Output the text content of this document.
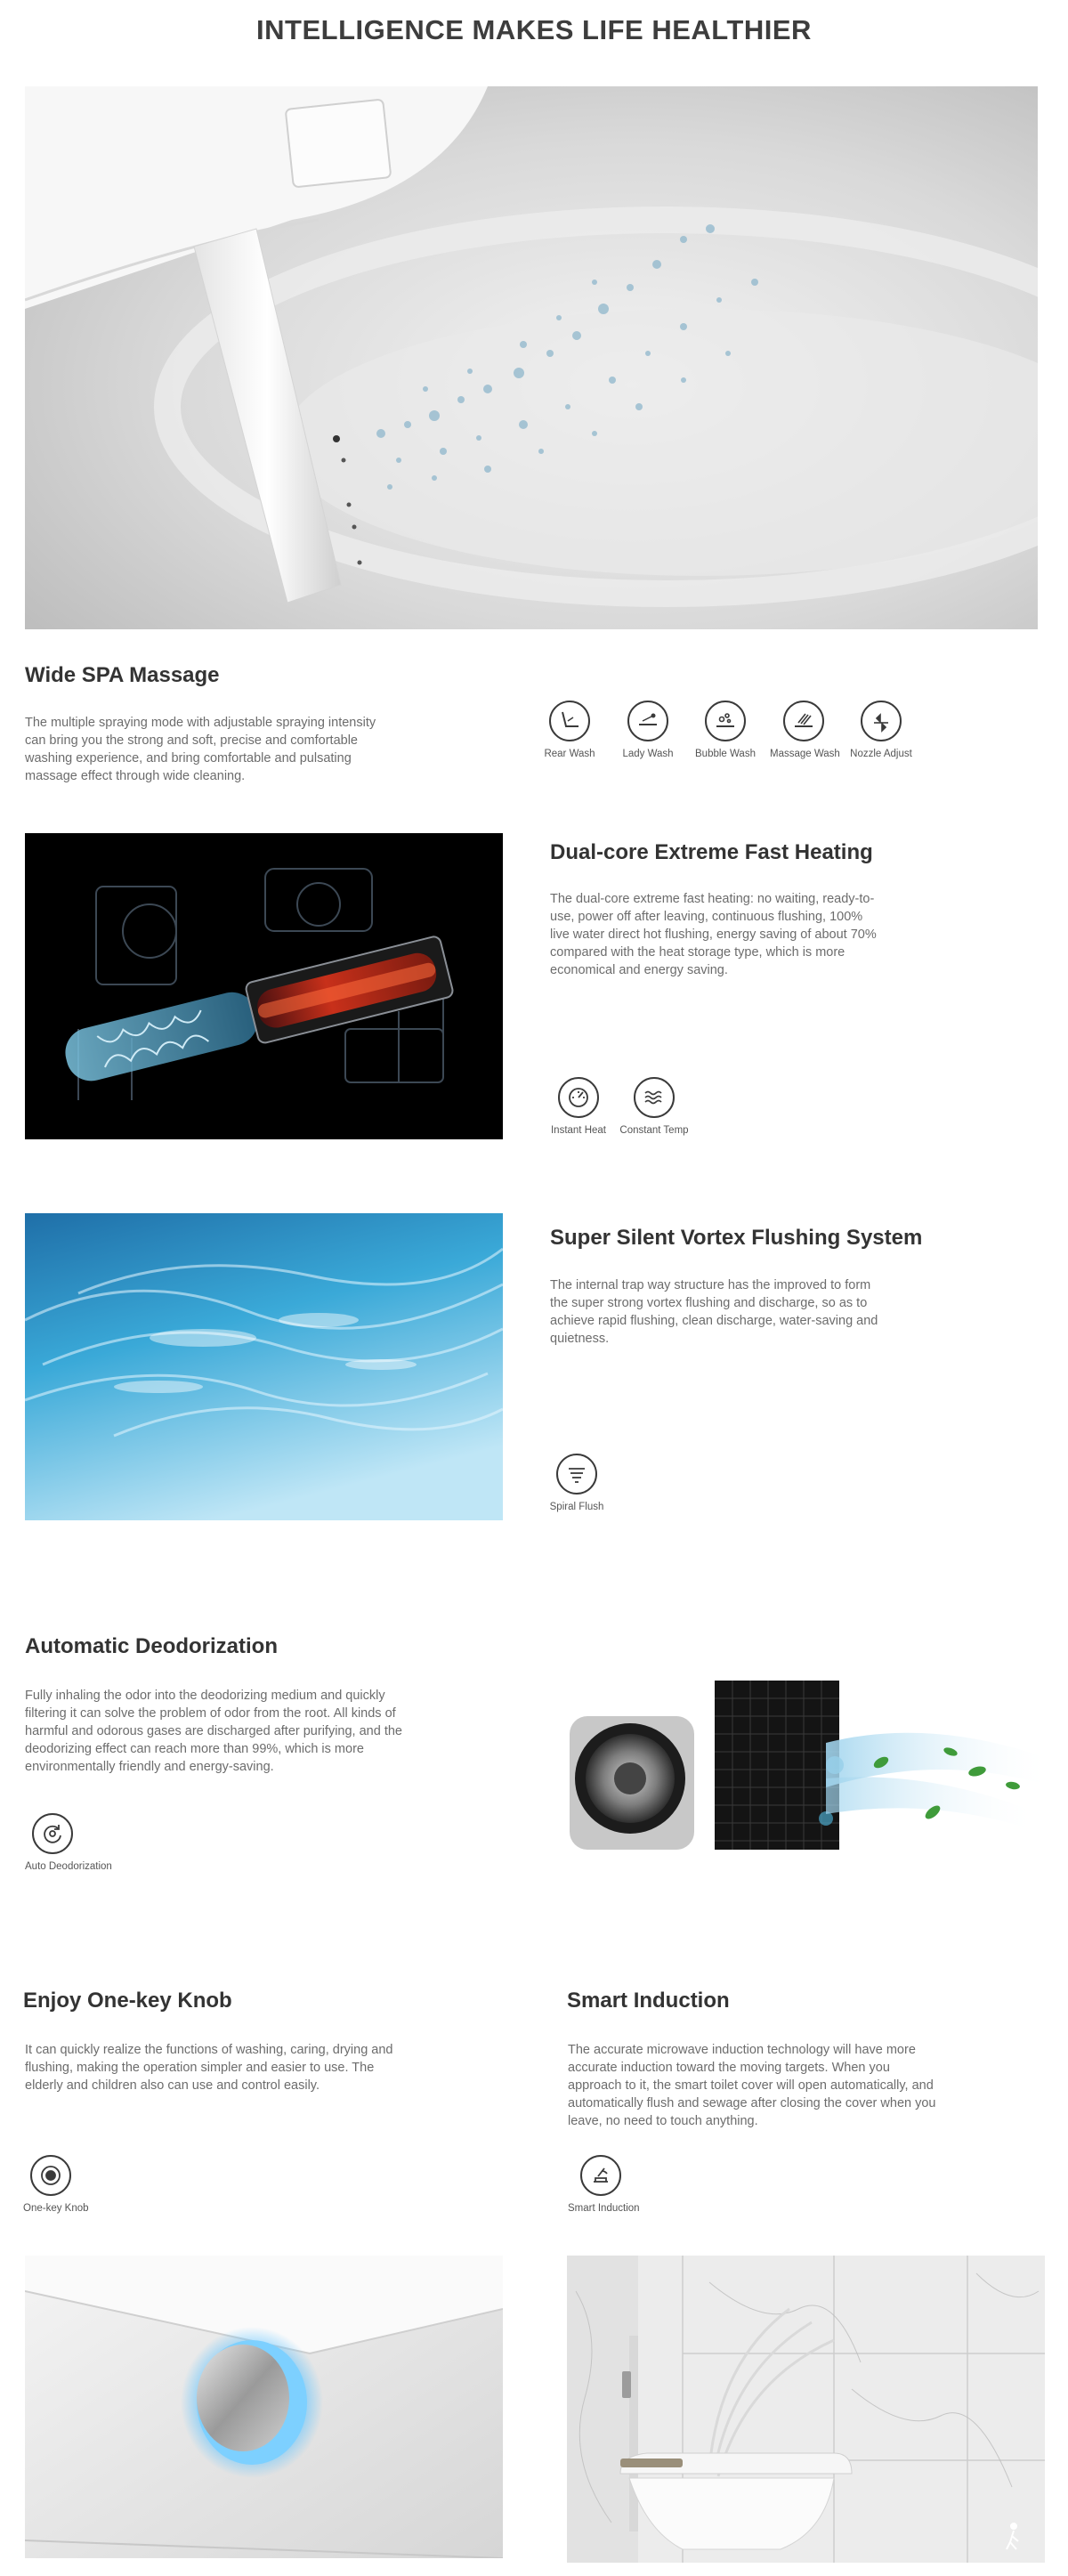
INTELLIGENCE MAKES LIFE HEALTHIER
Wide SPA Massage
The multiple spraying mode with adjustable spraying intensity can bring you the strong and soft, precise and comfortable washing experience, and bring comfortable and pulsating massage effect through wide cleaning.
Rear Wash	Lady Wash	Bubble Wash Massage Wash Nozzle Adjust
Dual-core Extreme Fast Heating
The dual-core extreme fast heating: no waiting, ready-to-use, power off after leaving, continuous flushing, 100% live water direct hot flushing, energy saving of about 70% compared with the heat storage type, which is more economical and energy saving.
Instant Heat	Constant Temp
Super Silent Vortex Flushing System
The internal trap way structure has the improved to form the super strong vortex flushing and discharge, so as to achieve rapid flushing, clean discharge, water-saving and quietness.
Spiral Flush
Automatic Deodorization
Fully inhaling the odor into the deodorizing medium and quickly filtering it can solve the problem of odor from the root. All kinds of harmful and odorous gases are discharged after purifying, and the deodorizing effect can reach more than 99%, which is more environmentally friendly and energy-saving.
Auto Deodorization
Enjoy One-key Knob
It can quickly realize the functions of washing, caring, drying and flushing, making the operation simpler and easier to use. The elderly and children also can use and control easily.
One-key Knob
Smart Induction
The accurate microwave induction technology will have more accurate induction toward the moving targets. When you approach to it, the smart toilet cover will open automatically, and automatically flush and sewage after closing the cover when you leave, no need to touch anything.
Smart Induction
